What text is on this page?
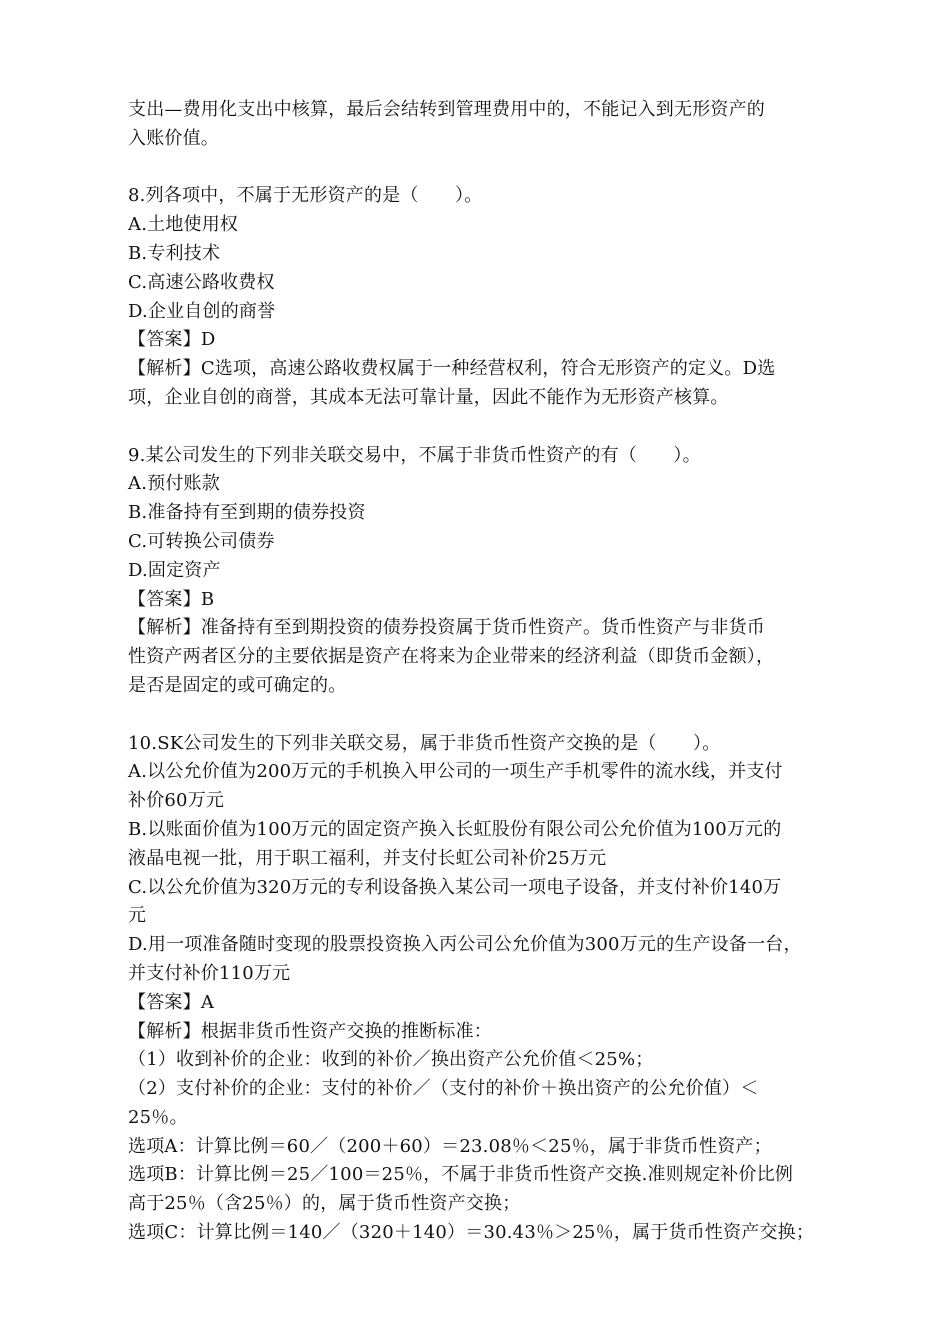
支出—费用化支出中核算，最后会结转到管理费用中的，不能记入到无形资产的
入账价值。
8.列各项中，不属于无形资产的是（　　）。
A.土地使用权
B.专利技术
C.高速公路收费权
D.企业自创的商誉
【答案】D
【解析】C选项，高速公路收费权属于一种经营权利，符合无形资产的定义。D选
项，企业自创的商誉，其成本无法可靠计量，因此不能作为无形资产核算。
9.某公司发生的下列非关联交易中，不属于非货币性资产的有（　　）。
A.预付账款
B.准备持有至到期的债券投资
C.可转换公司债券
D.固定资产
【答案】B
【解析】准备持有至到期投资的债券投资属于货币性资产。货币性资产与非货币
性资产两者区分的主要依据是资产在将来为企业带来的经济利益（即货币金额），
是否是固定的或可确定的。
10.SK公司发生的下列非关联交易，属于非货币性资产交换的是（　　）。
A.以公允价值为200万元的手机换入甲公司的一项生产手机零件的流水线，并支付
补价60万元
B.以账面价值为100万元的固定资产换入长虹股份有限公司公允价值为100万元的
液晶电视一批，用于职工福利，并支付长虹公司补价25万元
C.以公允价值为320万元的专利设备换入某公司一项电子设备，并支付补价140万
元
D.用一项准备随时变现的股票投资换入丙公司公允价值为300万元的生产设备一台，
并支付补价110万元
【答案】A
【解析】根据非货币性资产交换的推断标准：
（1）收到补价的企业：收到的补价／换出资产公允价值＜25%；
（2）支付补价的企业：支付的补价／（支付的补价＋换出资产的公允价值）＜
25％。
选项A：计算比例＝60／（200＋60）＝23.08％＜25％，属于非货币性资产；
选项B：计算比例＝25／100＝25％，不属于非货币性资产交换.准则规定补价比例
高于25％（含25％）的，属于货币性资产交换；
选项C：计算比例＝140／（320＋140）＝30.43％＞25％，属于货币性资产交换；
